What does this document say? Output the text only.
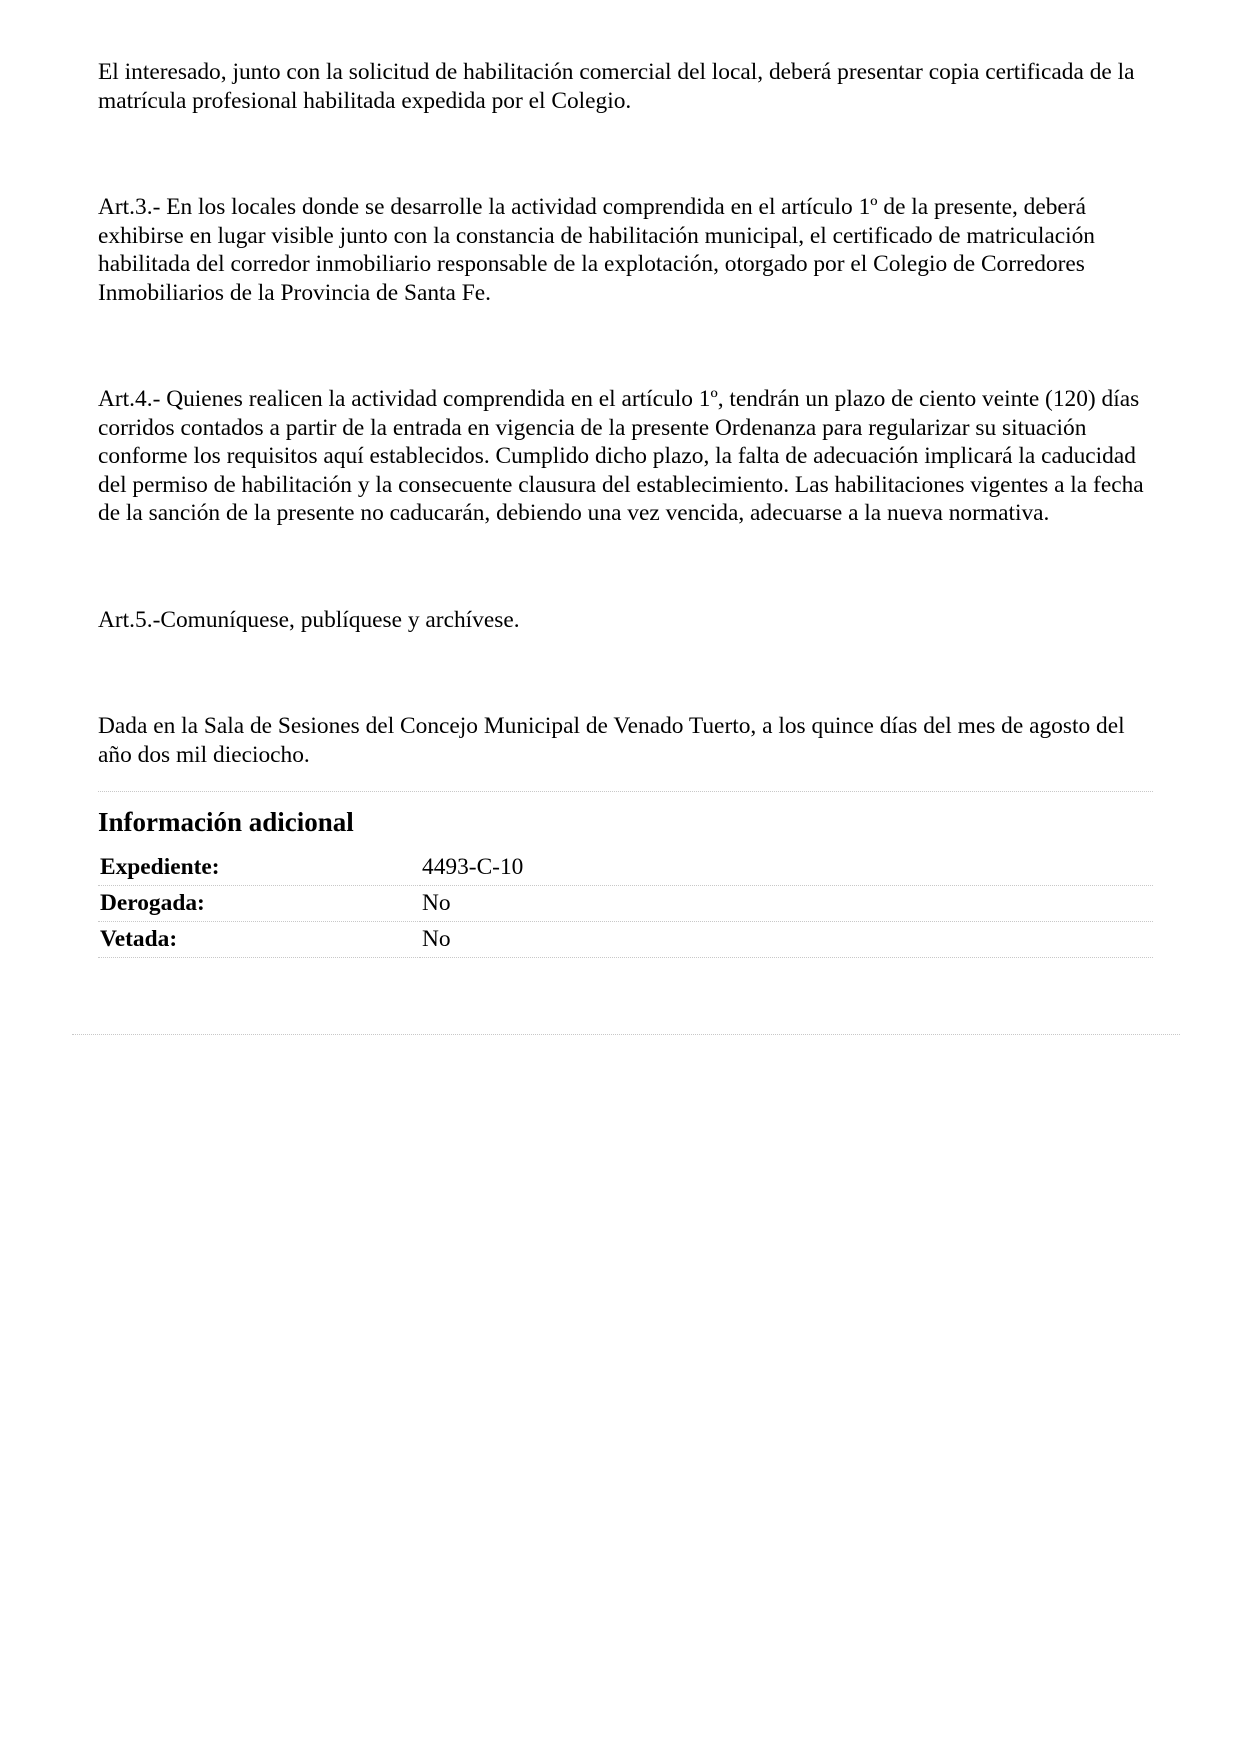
El interesado, junto con la solicitud de habilitación comercial del local, deberá presentar copia certificada de la matrícula profesional habilitada expedida por el Colegio.

Art.3.- En los locales donde se desarrolle la actividad comprendida en el artículo 1º de la presente, deberá exhibirse en lugar visible junto con la constancia de habilitación municipal, el certificado de matriculación habilitada del corredor inmobiliario responsable de la explotación, otorgado por el Colegio de Corredores Inmobiliarios de la Provincia de Santa Fe.

Art.4.- Quienes realicen la actividad comprendida en el artículo 1º, tendrán un plazo de ciento veinte (120) días corridos contados a partir de la entrada en vigencia de la presente Ordenanza para regularizar su situación conforme los requisitos aquí establecidos. Cumplido dicho plazo, la falta de adecuación implicará la caducidad del permiso de habilitación y la consecuente clausura del establecimiento. Las habilitaciones vigentes a la fecha de la sanción de la presente no caducarán, debiendo una vez vencida, adecuarse a la nueva normativa.

Art.5.-Comuníquese, publíquese y archívese.

Dada en la Sala de Sesiones del Concejo Municipal de Venado Tuerto, a los quince días del mes de agosto del año dos mil dieciocho.

Información adicional
Expediente:	4493-C-10
Derogada:	No
Vetada:	No
